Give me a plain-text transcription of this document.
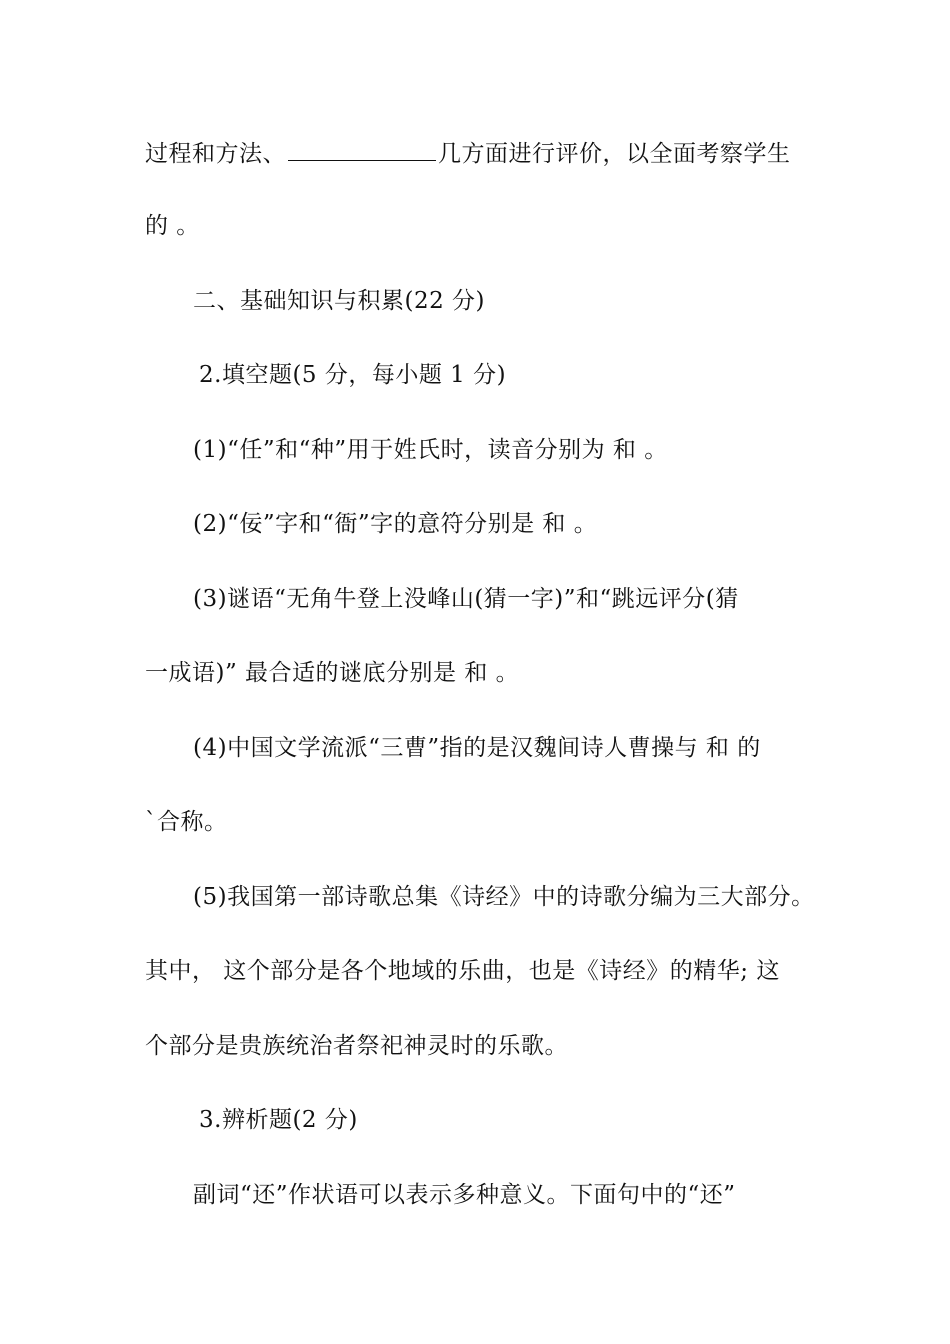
过程和方法、	几方面进行评价，以全面考察学生
的 。
二、基础知识与积累(22 分)
2.填空题(5 分，每小题 1 分)
(1)“任”和“种”用于姓氏时，读音分别为 和 。
(2)“佞”字和“衙”字的意符分别是 和 。
(3)谜语“无角牛登上没峰山(猜一字)”和“跳远评分(猜
一成语)” 最合适的谜底分别是 和 。
(4)中国文学流派“三曹”指的是汉魏间诗人曹操与 和 的
`合称。
(5)我国第一部诗歌总集《诗经》中的诗歌分编为三大部分。
其中， 这个部分是各个地域的乐曲，也是《诗经》的精华; 这
个部分是贵族统治者祭祀神灵时的乐歌。
3.辨析题(2 分)
副词“还”作状语可以表示多种意义。下面句中的“还”
